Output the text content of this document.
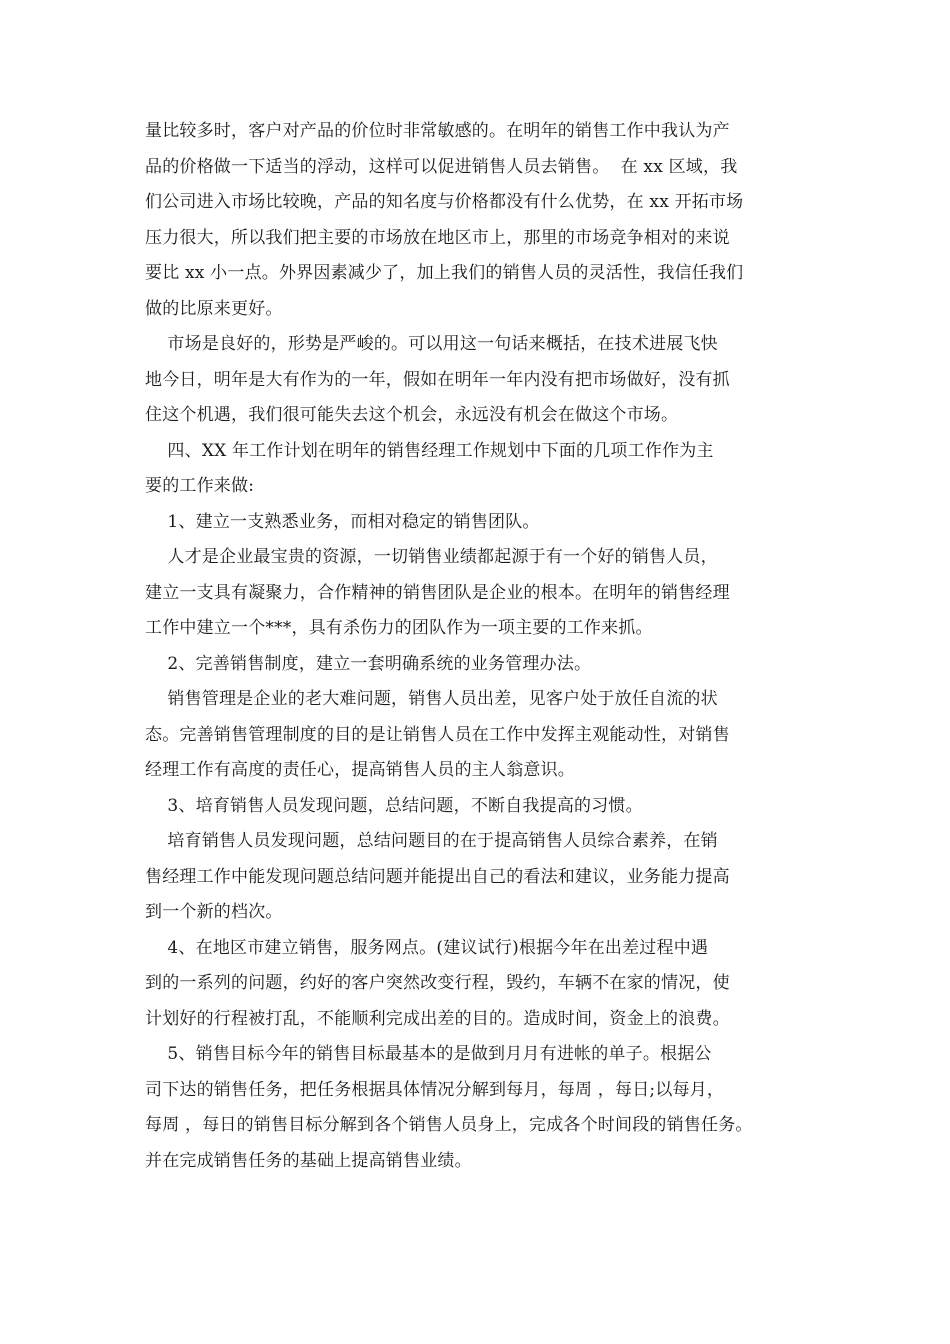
量比较多时，客户对产品的价位时非常敏感的。在明年的销售工作中我认为产
品的价格做一下适当的浮动，这样可以促进销售人员去销售。  在 xx 区域，我
们公司进入市场比较晚，产品的知名度与价格都没有什么优势，在 xx 开拓市场
压力很大，所以我们把主要的市场放在地区市上，那里的市场竞争相对的来说
要比 xx 小一点。外界因素减少了，加上我们的销售人员的灵活性，我信任我们
做的比原来更好。
市场是良好的，形势是严峻的。可以用这一句话来概括，在技术进展飞快
地今日，明年是大有作为的一年，假如在明年一年内没有把市场做好，没有抓
住这个机遇，我们很可能失去这个机会，永远没有机会在做这个市场。
四、XX 年工作计划在明年的销售经理工作规划中下面的几项工作作为主
要的工作来做:
1、建立一支熟悉业务，而相对稳定的销售团队。
人才是企业最宝贵的资源，一切销售业绩都起源于有一个好的销售人员，
建立一支具有凝聚力，合作精神的销售团队是企业的根本。在明年的销售经理
工作中建立一个***，具有杀伤力的团队作为一项主要的工作来抓。
2、完善销售制度，建立一套明确系统的业务管理办法。
销售管理是企业的老大难问题，销售人员出差，见客户处于放任自流的状
态。完善销售管理制度的目的是让销售人员在工作中发挥主观能动性，对销售
经理工作有高度的责任心，提高销售人员的主人翁意识。
3、培育销售人员发现问题，总结问题，不断自我提高的习惯。
培育销售人员发现问题，总结问题目的在于提高销售人员综合素养，在销
售经理工作中能发现问题总结问题并能提出自己的看法和建议，业务能力提高
到一个新的档次。
4、在地区市建立销售，服务网点。(建议试行)根据今年在出差过程中遇
到的一系列的问题，约好的客户突然改变行程，毁约，车辆不在家的情况，使
计划好的行程被打乱，不能顺利完成出差的目的。造成时间，资金上的浪费。
5、销售目标今年的销售目标最基本的是做到月月有进帐的单子。根据公
司下达的销售任务，把任务根据具体情况分解到每月，每周 ，每日;以每月，
每周 ，每日的销售目标分解到各个销售人员身上，完成各个时间段的销售任务。
并在完成销售任务的基础上提高销售业绩。
